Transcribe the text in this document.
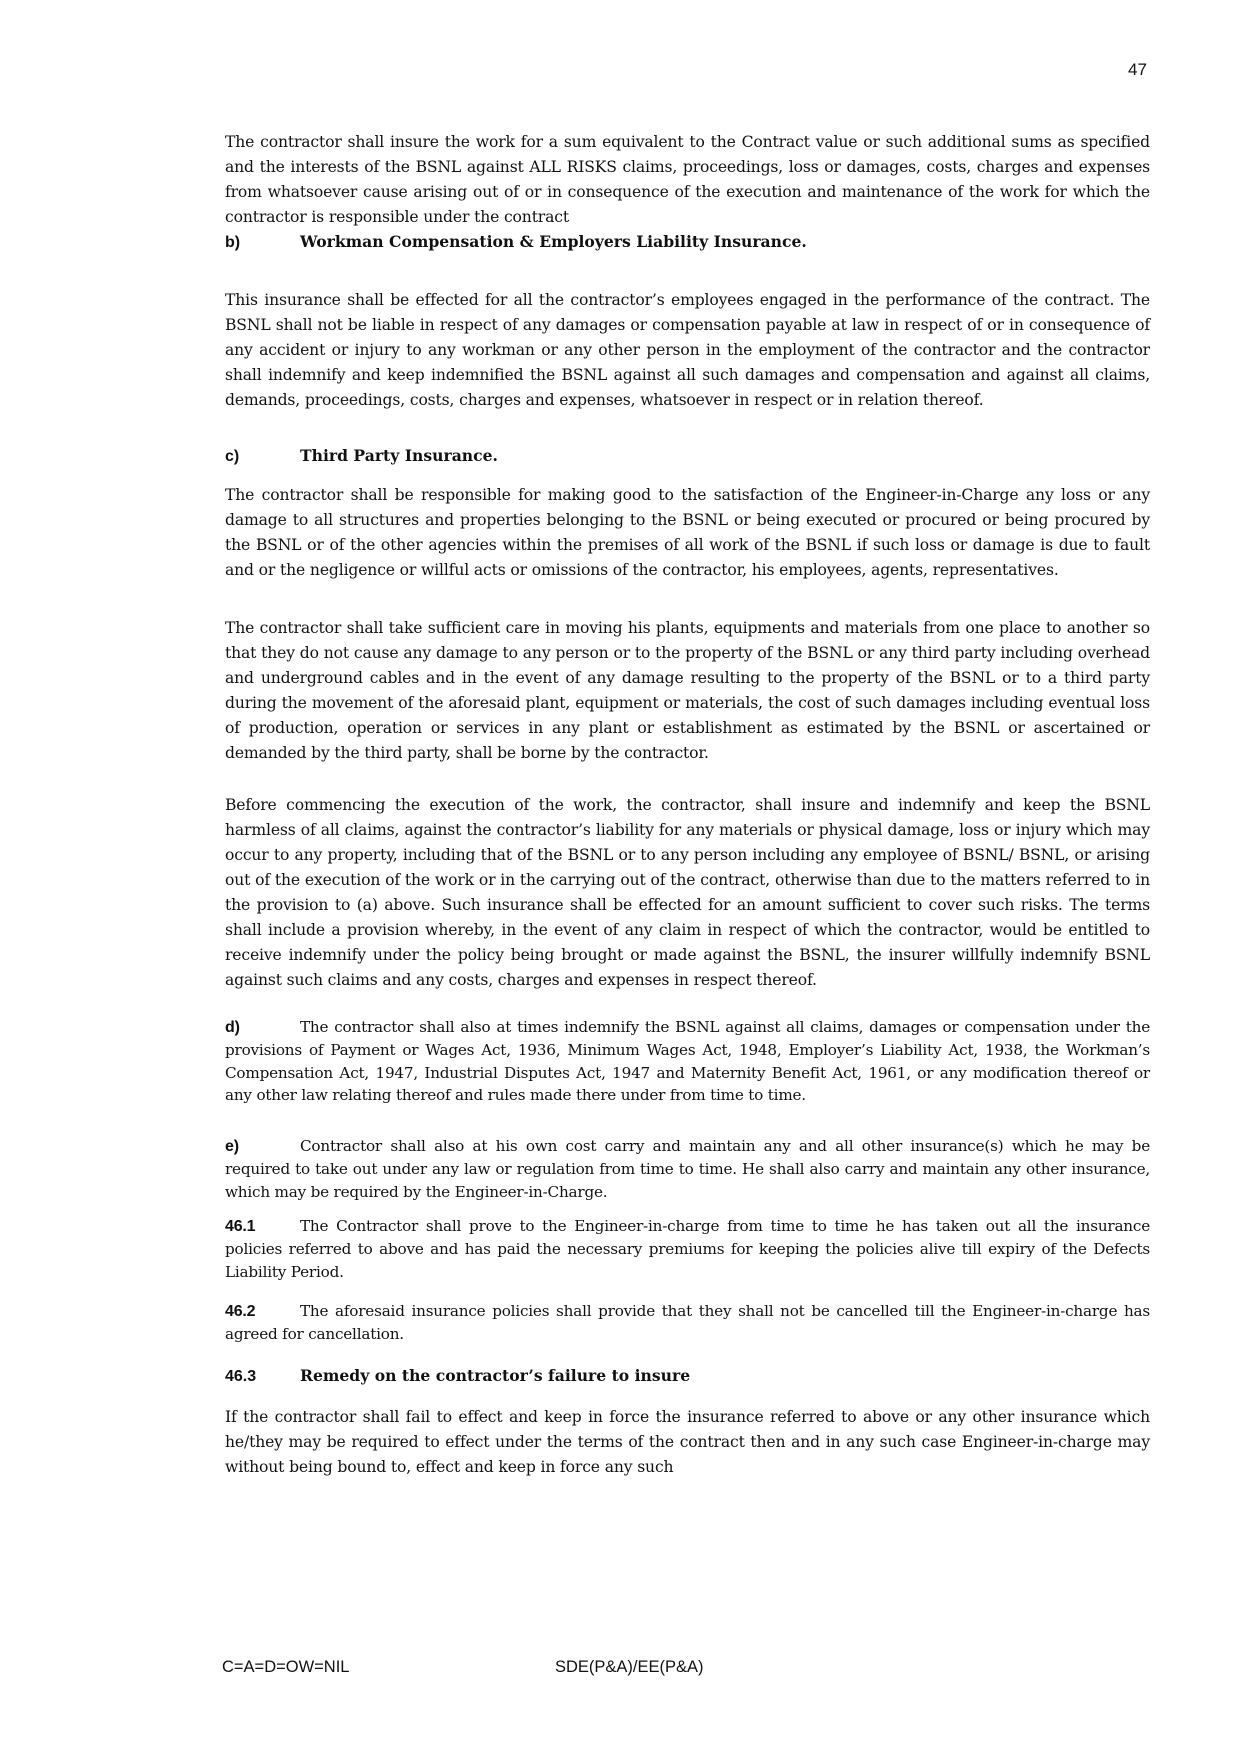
47

The contractor shall insure the work for a sum equivalent to the Contract value or such additional sums as specified and the interests of the BSNL against ALL RISKS claims, proceedings, loss or damages, costs, charges and expenses from whatsoever cause arising out of or in consequence of the execution and maintenance of the work for which the contractor is responsible under the contract

b)	Workman Compensation & Employers Liability Insurance.

This insurance shall be effected for all the contractor’s employees engaged in the performance of the contract. The BSNL shall not be liable in respect of any damages or compensation payable at law in respect of or in consequence of any accident or injury to any workman or any other person in the employment of the contractor and the contractor shall indemnify and keep indemnified the BSNL against all such damages and compensation and against all claims, demands, proceedings, costs, charges and expenses, whatsoever in respect or in relation thereof.

c)	Third Party Insurance.

The contractor shall be responsible for making good to the satisfaction of the Engineer-in-Charge any loss or any damage to all structures and properties belonging to the BSNL or being executed or procured or being procured by the BSNL or of the other agencies within the premises of all work of the BSNL if such loss or damage is due to fault and or the negligence or willful acts or omissions of the contractor, his employees, agents, representatives.

The contractor shall take sufficient care in moving his plants, equipments and materials from one place to another so that they do not cause any damage to any person or to the property of the BSNL or any third party including overhead and underground cables and in the event of any damage resulting to the property of the BSNL or to a third party during the movement of the aforesaid plant, equipment or materials, the cost of such damages including eventual loss of production, operation or services in any plant or establishment as estimated by the BSNL or ascertained or demanded by the third party, shall be borne by the contractor.

Before commencing the execution of the work, the contractor, shall insure and indemnify and keep the BSNL harmless of all claims, against the contractor’s liability for any materials or physical damage, loss or injury which may occur to any property, including that of the BSNL or to any person including any employee of BSNL/ BSNL, or arising out of the execution of the work or in the carrying out of the contract, otherwise than due to the matters referred to in the provision to (a) above. Such insurance shall be effected for an amount sufficient to cover such risks. The terms shall include a provision whereby, in the event of any claim in respect of which the contractor, would be entitled to receive indemnify under the policy being brought or made against the BSNL, the insurer willfully indemnify BSNL against such claims and any costs, charges and expenses in respect thereof.

d)	The contractor shall also at times indemnify the BSNL against all claims, damages or compensation under the provisions of Payment or Wages Act, 1936, Minimum Wages Act, 1948, Employer’s Liability Act, 1938, the Workman’s Compensation Act, 1947, Industrial Disputes Act, 1947 and Maternity Benefit Act, 1961, or any modification thereof or any other law relating thereof and rules made there under from time to time.

e)	Contractor shall also at his own cost carry and maintain any and all other insurance(s) which he may be required to take out under any law or regulation from time to time. He shall also carry and maintain any other insurance, which may be required by the Engineer-in-Charge.

46.1	The Contractor shall prove to the Engineer-in-charge from time to time he has taken out all the insurance policies referred to above and has paid the necessary premiums for keeping the policies alive till expiry of the Defects Liability Period.

46.2	The aforesaid insurance policies shall provide that they shall not be cancelled till the Engineer-in-charge has agreed for cancellation.

46.3	Remedy on the contractor’s failure to insure

If the contractor shall fail to effect and keep in force the insurance referred to above or any other insurance which he/they may be required to effect under the terms of the contract then and in any such case Engineer-in-charge may without being bound to, effect and keep in force any such

C=A=D=OW=NIL	SDE(P&A)/EE(P&A)
